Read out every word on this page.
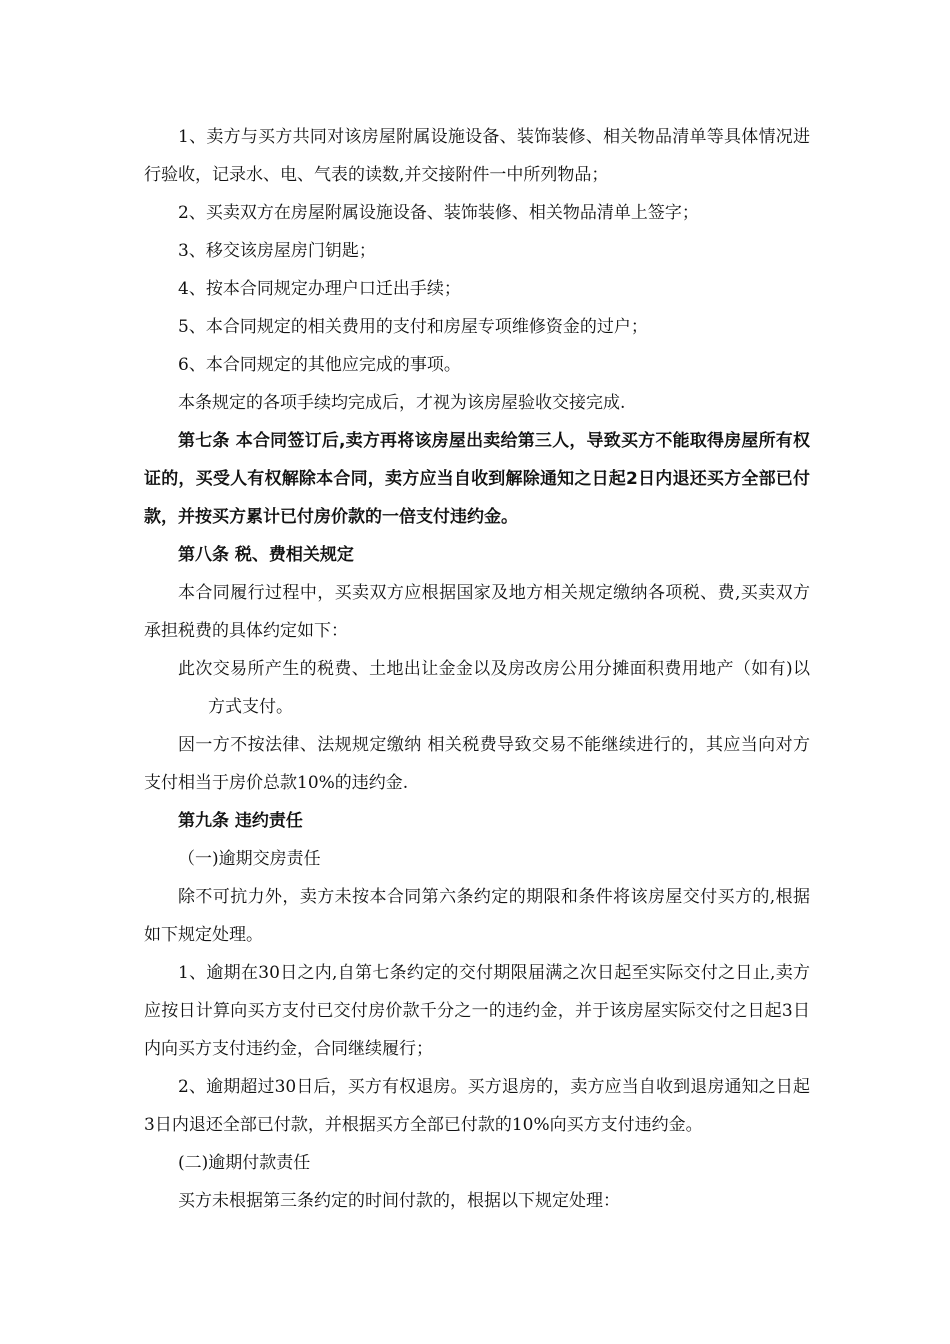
1、卖方与买方共同对该房屋附属设施设备、装饰装修、相关物品清单等具体情况进行验收，记录水、电、气表的读数,并交接附件一中所列物品；

2、买卖双方在房屋附属设施设备、装饰装修、相关物品清单上签字；

3、移交该房屋房门钥匙；

4、按本合同规定办理户口迁出手续；

5、本合同规定的相关费用的支付和房屋专项维修资金的过户；

6、本合同规定的其他应完成的事项。

本条规定的各项手续均完成后，才视为该房屋验收交接完成.

第七条 本合同签订后,卖方再将该房屋出卖给第三人，导致买方不能取得房屋所有权证的，买受人有权解除本合同，卖方应当自收到解除通知之日起2日内退还买方全部已付款，并按买方累计已付房价款的一倍支付违约金。

第八条 税、费相关规定

本合同履行过程中，买卖双方应根据国家及地方相关规定缴纳各项税、费,买卖双方承担税费的具体约定如下：

此次交易所产生的税费、土地出让金金以及房改房公用分摊面积费用地产（如有)以方式支付。

因一方不按法律、法规规定缴纳 相关税费导致交易不能继续进行的，其应当向对方支付相当于房价总款10%的违约金.

第九条 违约责任

（一)逾期交房责任

除不可抗力外，卖方未按本合同第六条约定的期限和条件将该房屋交付买方的,根据如下规定处理。

1、逾期在30日之内,自第七条约定的交付期限届满之次日起至实际交付之日止,卖方应按日计算向买方支付已交付房价款千分之一的违约金，并于该房屋实际交付之日起3日内向买方支付违约金，合同继续履行；

2、逾期超过30日后，买方有权退房。买方退房的，卖方应当自收到退房通知之日起3日内退还全部已付款，并根据买方全部已付款的10%向买方支付违约金。

(二)逾期付款责任

买方未根据第三条约定的时间付款的，根据以下规定处理：
